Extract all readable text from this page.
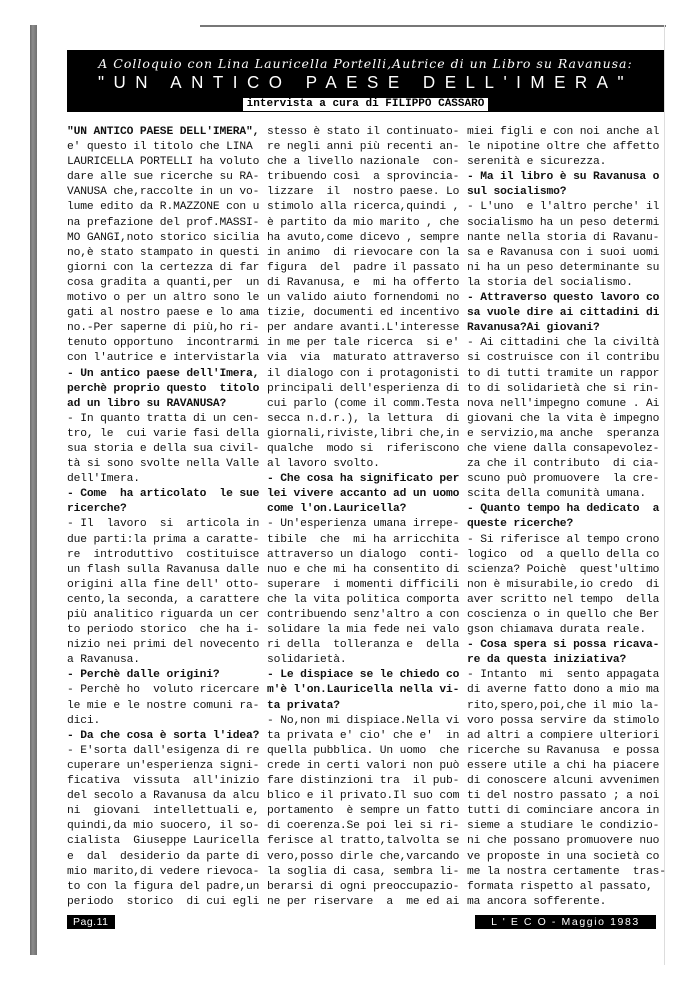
A Colloquio con Lina Lauricella Portelli,Autrice di un Libro su Ravanusa:
"UN ANTICO PAESE DELL'IMERA"
intervista a cura di FILIPPO CASSARO
"UN ANTICO PAESE DELL'IMERA",
e' questo il titolo che LINA
LAURICELLA PORTELLI ha voluto
dare alle sue ricerche su RA-
VANUSA che,raccolte in un vo-
lume edito da R.MAZZONE con u
na prefazione del prof.MASSI-
MO GANGI,noto storico sicilia
no,è stato stampato in questi
giorni con la certezza di far
cosa gradita a quanti,per  un
motivo o per un altro sono le
gati al nostro paese e lo ama
no.-Per saperne di più,ho ri-
tenuto opportuno  incontrarmi
con l'autrice e intervistarla
- Un antico paese dell'Imera,
perchè proprio questo  titolo
ad un libro su RAVANUSA?
- In quanto tratta di un cen-
tro, le  cui varie fasi della
sua storia e della sua civil-
tà si sono svolte nella Valle
dell'Imera.
- Come  ha articolato  le sue
ricerche?
- Il  lavoro  si  articola in
due parti:la prima a caratte-
re  introduttivo  costituisce
un flash sulla Ravanusa dalle
origini alla fine dell' otto-
cento,la seconda, a carattere
più analitico riguarda un cer
to periodo storico  che ha i-
nizio nei primi del novecento
a Ravanusa.
- Perchè dalle origini?
- Perchè ho  voluto ricercare
le mie e le nostre comuni ra-
dici.
- Da che cosa è sorta l'idea?
- E'sorta dall'esigenza di re
cuperare un'esperienza signi-
ficativa  vissuta  all'inizio
del secolo a Ravanusa da alcu
ni  giovani  intellettuali e,
quindi,da mio suocero, il so-
cialista  Giuseppe Lauricella
e  dal  desiderio da parte di
mio marito,di vedere rievoca-
to con la figura del padre,un
periodo  storico  di cui egli
stesso è stato il continuato-
re negli anni più recenti an-
che a livello nazionale  con-
tribuendo così  a sprovincia-
lizzare  il  nostro paese. Lo
stimolo alla ricerca,quindi ,
è partito da mio marito , che
ha avuto,come dicevo , sempre
in animo  di rievocare con la
figura  del  padre il passato
di Ravanusa, e  mi ha offerto
un valido aiuto fornendomi no
tizie, documenti ed incentivo
per andare avanti.L'interesse
in me per tale ricerca  si e'
via  via  maturato attraverso
il dialogo con i protagonisti
principali dell'esperienza di
cui parlo (come il comm.Testa
secca n.d.r.), la lettura  di
giornali,riviste,libri che,in
qualche  modo si  riferiscono
al lavoro svolto.
- Che cosa ha significato per
lei vivere accanto ad un uomo
come l'on.Lauricella?
- Un'esperienza umana irrepe-
tibile  che  mi ha arricchita
attraverso un dialogo  conti-
nuo e che mi ha consentito di
superare  i momenti difficili
che la vita politica comporta
contribuendo senz'altro a con
solidare la mia fede nei valo
ri della  tolleranza e  della
solidarietà.
- Le dispiace se le chiedo co
m'è l'on.Lauricella nella vi-
ta privata?
- No,non mi dispiace.Nella vi
ta privata e' cio' che e'  in
quella pubblica. Un uomo  che
crede in certi valori non può
fare distinzioni tra  il pub-
blico e il privato.Il suo com
portamento  è sempre un fatto
di coerenza.Se poi lei si ri-
ferisce al tratto,talvolta se
vero,posso dirle che,varcando
la soglia di casa, sembra li-
berarsi di ogni preoccupazio-
ne per riservare  a  me ed ai
miei figli e con noi anche al
le nipotine oltre che affetto
serenità e sicurezza.
- Ma il libro è su Ravanusa o
sul socialismo?
- L'uno  e l'altro perche' il
socialismo ha un peso determi
nante nella storia di Ravanu-
sa e Ravanusa con i suoi uomi
ni ha un peso determinante su
la storia del socialismo.
- Attraverso questo lavoro co
sa vuole dire ai cittadini di
Ravanusa?Ai giovani?
- Ai cittadini che la civiltà
si costruisce con il contribu
to di tutti tramite un rappor
to di solidarietà che si rin-
nova nell'impegno comune . Ai
giovani che la vita è impegno
e servizio,ma anche  speranza
che viene dalla consapevolez-
za che il contributo  di cia-
scuno può promuovere  la cre-
scita della comunità umana.
- Quanto tempo ha dedicato  a
queste ricerche?
- Si riferisce al tempo crono
logico  od  a quello della co
scienza? Poichè  quest'ultimo
non è misurabile,io credo  di
aver scritto nel tempo  della
coscienza o in quello che Ber
gson chiamava durata reale.
- Cosa spera si possa ricava-
re da questa iniziativa?
- Intanto  mi  sento appagata
di averne fatto dono a mio ma
rito,spero,poi,che il mio la-
voro possa servire da stimolo
ad altri a compiere ulteriori
ricerche su Ravanusa  e possa
essere utile a chi ha piacere
di conoscere alcuni avvenimen
ti del nostro passato ; a noi
tutti di cominciare ancora in
sieme a studiare le condizio-
ni che possano promuovere nuo
ve proposte in una società co
me la nostra certamente  tras-
formata rispetto al passato,
ma ancora sofferente.
Pag.11	L ' E C O - Maggio 1983
